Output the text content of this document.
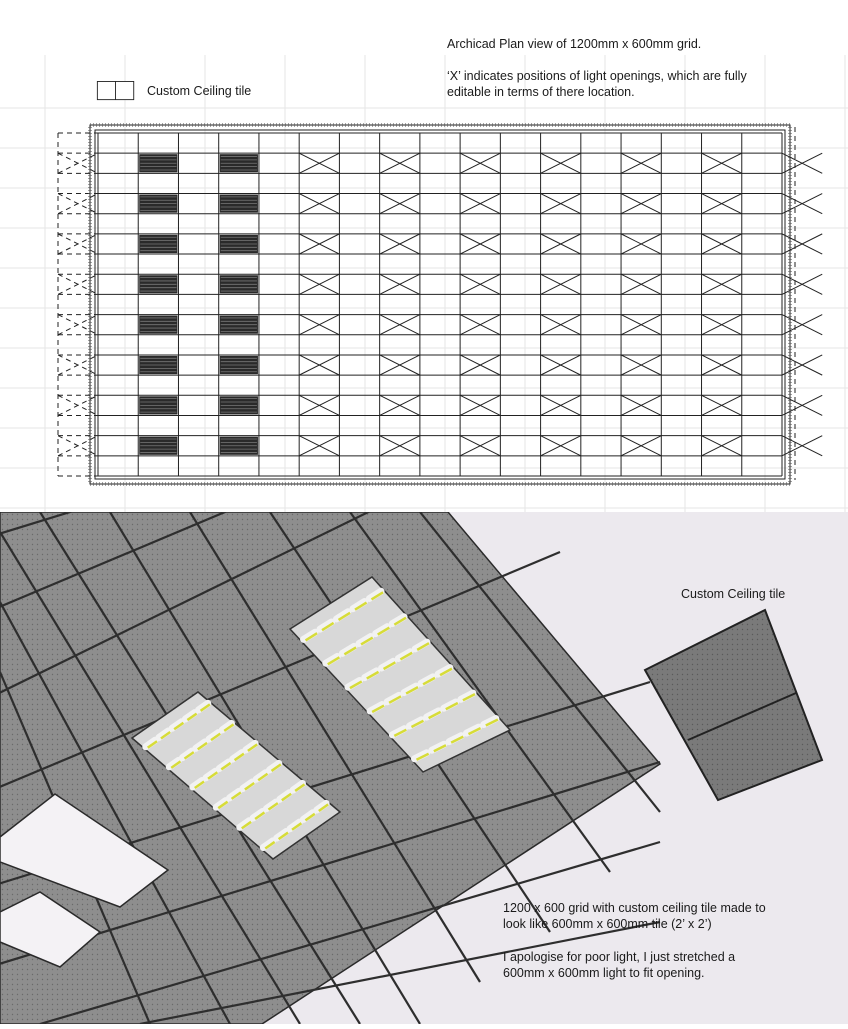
Custom Ceiling tile

Archicad Plan view of 1200mm x 600mm grid.

‘X’ indicates positions of light openings, which are fully

editable in terms of there location.

Custom Ceiling tile

1200 x 600 grid with custom ceiling tile made to

look like 600mm x 600mm tile (2’ x 2’)

I apologise for poor light, I just stretched a

600mm x 600mm light to fit opening.
